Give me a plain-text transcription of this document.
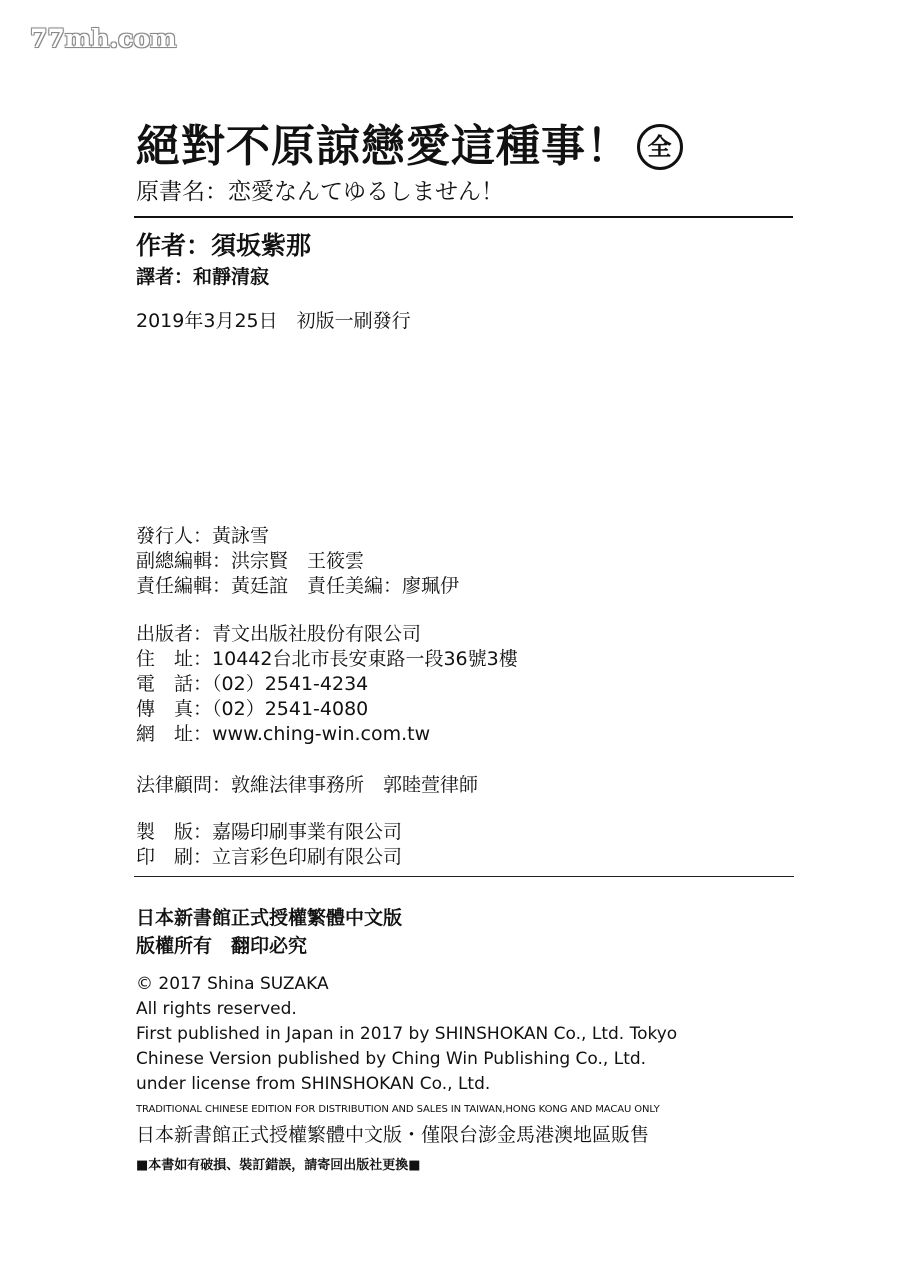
77mh.com
絕對不原諒戀愛這種事！ 全
原書名：恋愛なんてゆるしません！
作者：須坂紫那
譯者：和靜清寂
2019年3月25日　初版一刷發行
發行人：黃詠雪
副總編輯：洪宗賢　王筱雲
責任編輯：黃廷誼　責任美編：廖珮伊
出版者：青文出版社股份有限公司
住　址：10442台北市長安東路一段36號3樓
電　話：（02）2541-4234
傳　真：（02）2541-4080
網　址：www.ching-win.com.tw
法律顧問：敦維法律事務所　郭睦萱律師
製　版：嘉陽印刷事業有限公司
印　刷：立言彩色印刷有限公司
日本新書館正式授權繁體中文版
版權所有　翻印必究
© 2017 Shina SUZAKA
All rights reserved.
First published in Japan in 2017 by SHINSHOKAN Co., Ltd. Tokyo
Chinese Version published by Ching Win Publishing Co., Ltd.
under license from SHINSHOKAN Co., Ltd.
TRADITIONAL CHINESE EDITION FOR DISTRIBUTION AND SALES IN TAIWAN,HONG KONG AND MACAU ONLY
日本新書館正式授權繁體中文版・僅限台澎金馬港澳地區販售
■本書如有破損、裝訂錯誤，請寄回出版社更換■
